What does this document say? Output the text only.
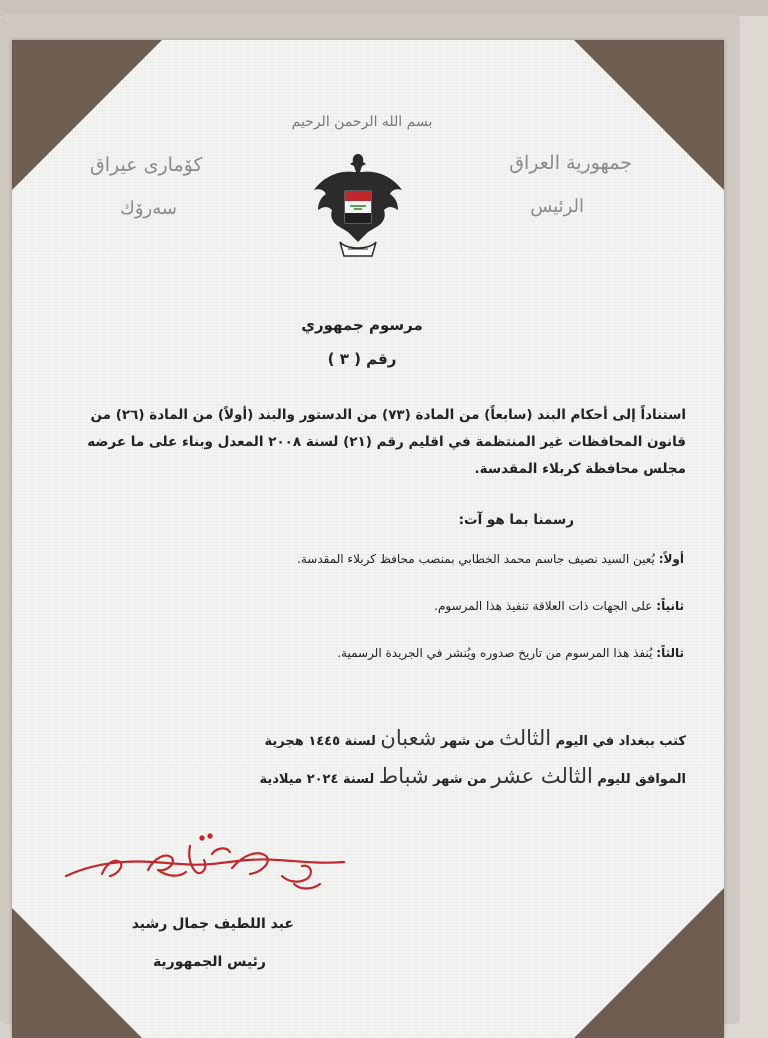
بسم الله الرحمن الرحيم
جمهورية العراق
الرئيس
كۆماری عیراق
سەرۆك
مرسوم جمهوري
رقم ( ٣ )
استناداً إلى أحكام البند (سابعاً) من المادة (٧٣) من الدستور والبند (أولاً) من المادة (٢٦) من قانون المحافظات غير المنتظمة في اقليم رقم (٢١) لسنة ٢٠٠٨ المعدل وبناء على ما عرضه مجلس محافظة كربلاء المقدسة.
رسمنا بما هو آت:
أولاً: يُعين السيد نصيف جاسم محمد الخطابي بمنصب محافظ كربلاء المقدسة.
ثانياً: على الجهات ذات العلاقة تنفيذ هذا المرسوم.
ثالثاً: يُنفذ هذا المرسوم من تاريخ صدوره ويُنشر في الجريدة الرسمية.
كتب ببغداد في اليوم الثالث من شهر شعبان لسنة ١٤٤٥ هجرية
الموافق لليوم الثالث عشر من شهر شباط لسنة ٢٠٢٤ ميلادية
عبد اللطيف جمال رشيد
رئيس الجمهورية
